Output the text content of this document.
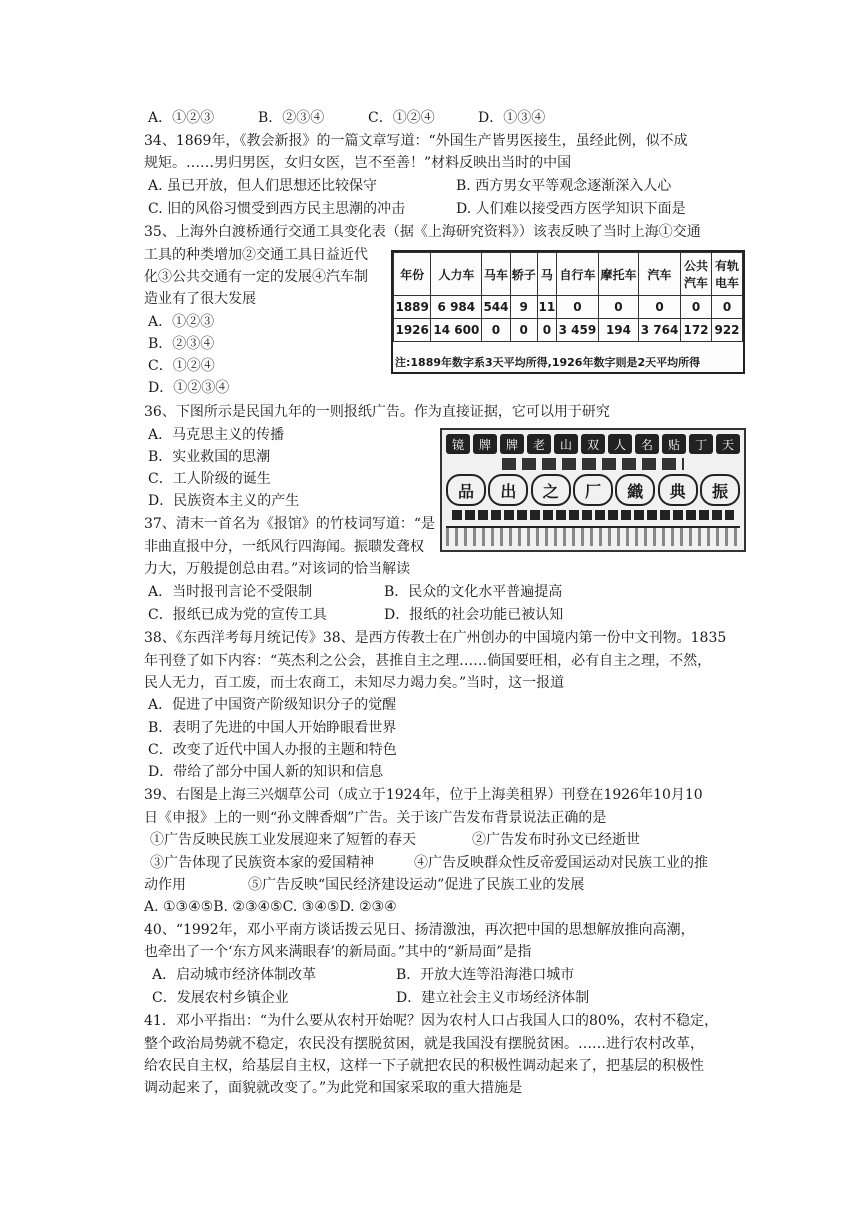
A．①②③	B．②③④	C．①②④	D．①③④
34、1869年，《教会新报》的一篇文章写道：“外国生产皆男医接生，虽经此例，似不成
规矩。……男归男医，女归女医，岂不至善！”材料反映出当时的中国
A. 虽已开放，但人们思想还比较保守	B. 西方男女平等观念逐渐深入人心
C. 旧的风俗习惯受到西方民主思潮的冲击	D. 人们难以接受西方医学知识下面是
35、上海外白渡桥通行交通工具变化表（据《上海研究资料》）该表反映了当时上海①交通
工具的种类增加②交通工具日益近代
化③公共交通有一定的发展④汽车制
造业有了很大发展
A．①②③
B．②③④
C．①②④
D．①②③④
年份	人力车	马车	轿子	马	自行车	摩托车	汽车	公共汽车	有轨电车
1889	6 984	544	9	11	0	0	0	0	0
1926	14 600	0	0	0	3 459	194	3 764	172	922
注:1889年数字系3天平均所得,1926年数字则是2天平均所得
36、下图所示是民国九年的一则报纸广告。作为直接证据，它可以用于研究
A．马克思主义的传播
B．实业救国的思潮
C．工人阶级的诞生
D．民族资本主义的产生
镜	牌	牌	老	山	双	人	名	贴	丁	天
品	出	之	厂	織	典	振
37、清末一首名为《报馆》的竹枝词写道：“是
非曲直报中分，一纸风行四海闻。振聩发聋权
力大，万般提创总由君。”对该词的恰当解读
A．当时报刊言论不受限制	B．民众的文化水平普遍提高
C．报纸已成为党的宣传工具	D．报纸的社会功能已被认知
38、《东西洋考每月统记传》38、是西方传教士在广州创办的中国境内第一份中文刊物。1835
年刊登了如下内容：“英杰利之公会，甚推自主之理……倘国要旺相，必有自主之理，不然，
民人无力，百工废，而士农商工，未知尽力竭力矣。”当时，这一报道
A．促进了中国资产阶级知识分子的觉醒
B．表明了先进的中国人开始睁眼看世界
C．改变了近代中国人办报的主题和特色
D．带给了部分中国人新的知识和信息
39、右图是上海三兴烟草公司（成立于1924年，位于上海美租界）刊登在1926年10月10
日《申报》上的一则“孙文牌香烟”广告。关于该广告发布背景说法正确的是
①广告反映民族工业发展迎来了短暂的春天	②广告发布时孙文已经逝世
③广告体现了民族资本家的爱国精神	④广告反映群众性反帝爱国运动对民族工业的推
动作用	⑤广告反映“国民经济建设运动”促进了民族工业的发展
A. ①③④⑤B. ②③④⑤C. ③④⑤D. ②③④
40、“1992年，邓小平南方谈话拨云见日、扬清激浊，再次把中国的思想解放推向高潮，
也牵出了一个‘东方风来满眼春’的新局面。”其中的“新局面”是指
A．启动城市经济体制改革	B．开放大连等沿海港口城市
C．发展农村乡镇企业	D．建立社会主义市场经济体制
41．邓小平指出：“为什么要从农村开始呢？因为农村人口占我国人口的80%，农村不稳定，
整个政治局势就不稳定，农民没有摆脱贫困，就是我国没有摆脱贫困。……进行农村改革，
给农民自主权，给基层自主权，这样一下子就把农民的积极性调动起来了，把基层的积极性
调动起来了，面貌就改变了。”为此党和国家采取的重大措施是
